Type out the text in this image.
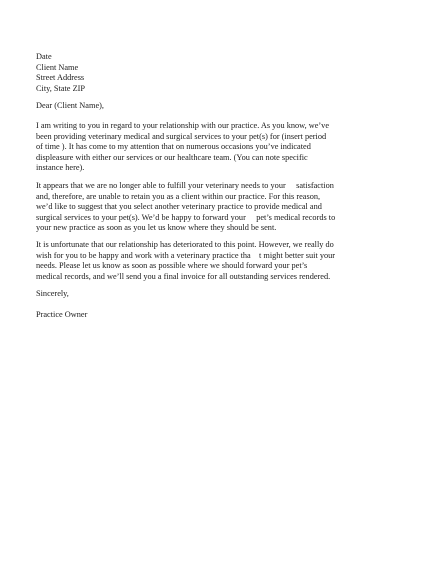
Date
Client Name
Street Address
City, State ZIP
Dear (Client Name),
I am writing to you in regard to your relationship with our practice. As you know, we’ve
been providing veterinary medical and surgical services to your pet(s) for (insert period
of time ). It has come to my attention that on numerous occasions you’ve indicated
displeasure with either our services or our healthcare team. (You can note specific
instance here).
It appears that we are no longer able to fulfill your veterinary needs to your     satisfaction
and, therefore, are unable to retain you as a client within our practice. For this reason,
we’d like to suggest that you select another veterinary practice to provide medical and
surgical services to your pet(s). We’d be happy to forward your     pet’s medical records to
your new practice as soon as you let us know where they should be sent.
It is unfortunate that our relationship has deteriorated to this point. However, we really do
wish for you to be happy and work with a veterinary practice tha    t might better suit your
needs. Please let us know as soon as possible where we should forward your pet’s
medical records, and we’ll send you a final invoice for all outstanding services rendered.
Sincerely,
Practice Owner
